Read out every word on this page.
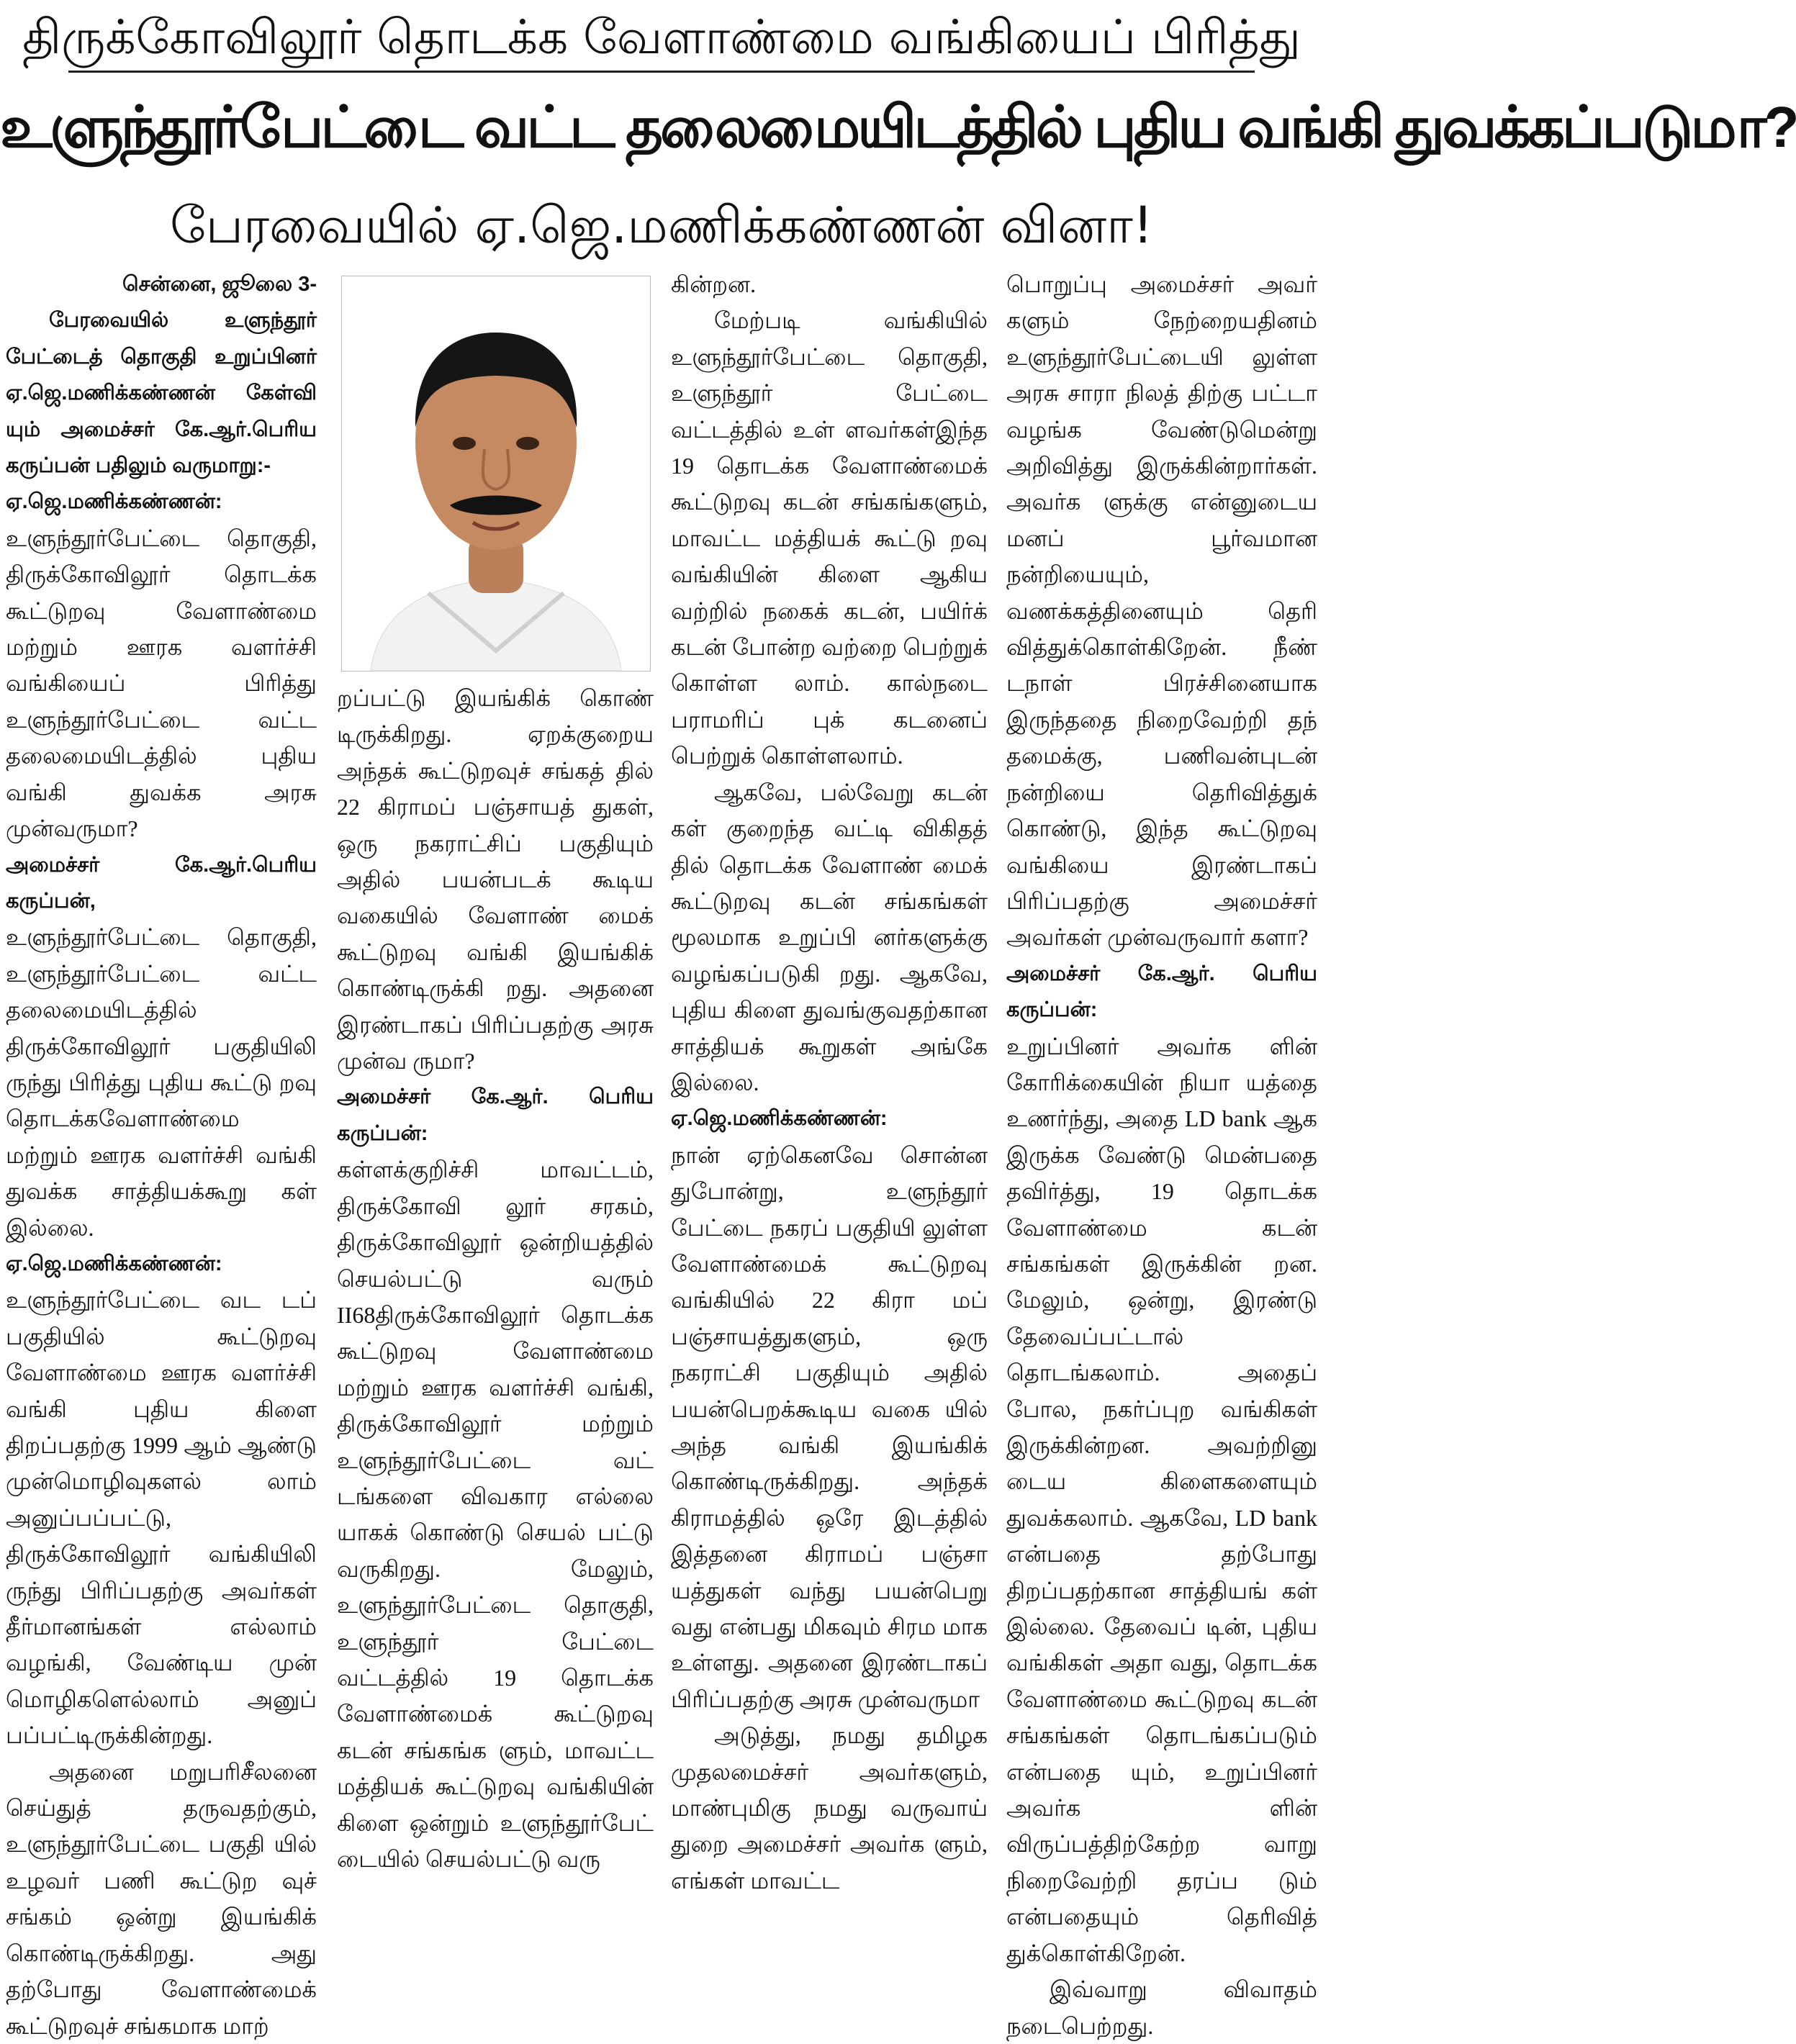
திருக்கோவிலூர் தொடக்க வேளாண்மை வங்கியைப் பிரித்து
உளுந்தூர்பேட்டை வட்ட தலைமையிடத்தில் புதிய வங்கி துவக்கப்படுமா?
பேரவையில் ஏ.ஜெ.மணிக்கண்ணன் வினா!

சென்னை, ஜூலை 3-

பேரவையில் உளுந்தூர் பேட்டைத் தொகுதி உறுப்பினர் ஏ.ஜெ.மணிக்கண்ணன் கேள்வி யும் அமைச்சர் கே.ஆர்.பெரிய கருப்பன் பதிலும் வருமாறு:-

ஏ.ஜெ.மணிக்கண்ணன்:

உளுந்தூர்பேட்டை தொகுதி, திருக்கோவிலூர் தொடக்க கூட்டுறவு வேளாண்மை மற்றும் ஊரக வளர்ச்சி வங்கியைப் பிரித்து உளுந்தூர்பேட்டை வட்ட தலைமையிடத்தில் புதிய வங்கி துவக்க அரசு முன்வருமா?

அமைச்சர் கே.ஆர்.பெரிய கருப்பன்,

உளுந்தூர்பேட்டை தொகுதி, உளுந்தூர்பேட்டை வட்ட தலைமையிடத்தில் திருக்கோவிலூர் பகுதியிலி ருந்து பிரித்து புதிய கூட்டு றவு தொடக்கவேளாண்மை மற்றும் ஊரக வளர்ச்சி வங்கி துவக்க சாத்தியக்கூறு கள் இல்லை.

ஏ.ஜெ.மணிக்கண்ணன்:

உளுந்தூர்பேட்டை வட டப் பகுதியில் கூட்டுறவு வேளாண்மை ஊரக வளர்ச்சி வங்கி புதிய கிளை திறப்பதற்கு 1999 ஆம் ஆண்டு முன்மொழிவுகளல் லாம் அனுப்பப்பட்டு, திருக்கோவிலூர் வங்கியிலி ருந்து பிரிப்பதற்கு அவர்கள் தீர்மானங்கள் எல்லாம் வழங்கி, வேண்டிய முன் மொழிகளெல்லாம் அனுப் பப்பட்டிருக்கின்றது.

அதனை மறுபரிசீலனை செய்துத் தருவதற்கும், உளுந்தூர்பேட்டை பகுதி யில் உழவர் பணி கூட்டுற வுச் சங்கம் ஒன்று இயங்கிக் கொண்டிருக்கிறது. அது தற்போது வேளாண்மைக் கூட்டுறவுச் சங்கமாக மாற்

றப்பட்டு இயங்கிக் கொண் டிருக்கிறது. ஏறக்குறைய அந்தக் கூட்டுறவுச் சங்கத் தில் 22 கிராமப் பஞ்சாயத் துகள், ஒரு நகராட்சிப் பகுதியும் அதில் பயன்படக் கூடிய வகையில் வேளாண் மைக் கூட்டுறவு வங்கி இயங்கிக் கொண்டிருக்கி றது. அதனை இரண்டாகப் பிரிப்பதற்கு அரசு முன்வ ருமா?

அமைச்சர் கே.ஆர். பெரிய கருப்பன்:

கள்ளக்குறிச்சி மாவட்டம், திருக்கோவி லூர் சரகம், திருக்கோவிலூர் ஒன்றியத்தில் செயல்பட்டு வரும் II68திருக்கோவிலூர் தொடக்க கூட்டுறவு வேளாண்மை மற்றும் ஊரக வளர்ச்சி வங்கி, திருக்கோவிலூர் மற்றும் உளுந்தூர்பேட்டை வட் டங்களை விவகார எல்லை யாகக் கொண்டு செயல் பட்டு வருகிறது. மேலும், உளுந்தூர்பேட்டை தொகுதி, உளுந்தூர் பேட்டை வட்டத்தில் 19 தொடக்க வேளாண்மைக் கூட்டுறவு கடன் சங்கங்க ளும், மாவட்ட மத்தியக் கூட்டுறவு வங்கியின் கிளை ஒன்றும் உளுந்தூர்பேட் டையில் செயல்பட்டு வரு

கின்றன.

மேற்படி வங்கியில் உளுந்தூர்பேட்டை தொகுதி, உளுந்தூர் பேட்டை வட்டத்தில் உள் ளவர்கள்இந்த 19 தொடக்க வேளாண்மைக் கூட்டுறவு கடன் சங்கங்களும், மாவட்ட மத்தியக் கூட்டு றவு வங்கியின் கிளை ஆகிய வற்றில் நகைக் கடன், பயிர்க் கடன் போன்ற வற்றை பெற்றுக் கொள்ள லாம். கால்நடை பராமரிப் புக் கடனைப் பெற்றுக் கொள்ளலாம்.

ஆகவே, பல்வேறு கடன் கள் குறைந்த வட்டி விகிதத் தில் தொடக்க வேளாண் மைக் கூட்டுறவு கடன் சங்கங்கள் மூலமாக உறுப்பி னர்களுக்கு வழங்கப்படுகி றது. ஆகவே, புதிய கிளை துவங்குவதற்கான சாத்தியக் கூறுகள் அங்கே இல்லை.

ஏ.ஜெ.மணிக்கண்ணன்:

நான் ஏற்கெனவே சொன்ன துபோன்று, உளுந்தூர் பேட்டை நகரப் பகுதியி லுள்ள வேளாண்மைக் கூட்டுறவு வங்கியில் 22 கிரா மப் பஞ்சாயத்துகளும், ஒரு நகராட்சி பகுதியும் அதில் பயன்பெறக்கூடிய வகை யில் அந்த வங்கி இயங்கிக் கொண்டிருக்கிறது. அந்தக் கிராமத்தில் ஒரே இடத்தில் இத்தனை கிராமப் பஞ்சா யத்துகள் வந்து பயன்பெறு வது என்பது மிகவும் சிரம மாக உள்ளது. அதனை இரண்டாகப் பிரிப்பதற்கு அரசு முன்வருமா

அடுத்து, நமது தமிழக முதலமைச்சர் அவர்களும், மாண்புமிகு நமது வருவாய் துறை அமைச்சர் அவர்க ளும், எங்கள் மாவட்ட

பொறுப்பு அமைச்சர் அவர் களும் நேற்றையதினம் உளுந்தூர்பேட்டையி லுள்ள அரசு சாரா நிலத் திற்கு பட்டா வழங்க வேண்டுமென்று அறிவித்து இருக்கின்றார்கள். அவர்க ளுக்கு என்னுடைய மனப் பூர்வமான நன்றியையும், வணக்கத்தினையும் தெரி வித்துக்கொள்கிறேன். நீண் டநாள் பிரச்சினையாக இருந்ததை நிறைவேற்றி தந் தமைக்கு, பணிவன்புடன் நன்றியை தெரிவித்துக் கொண்டு, இந்த கூட்டுறவு வங்கியை இரண்டாகப் பிரிப்பதற்கு அமைச்சர் அவர்கள் முன்வருவார் களா?

அமைச்சர் கே.ஆர். பெரிய கருப்பன்:

உறுப்பினர் அவர்க ளின் கோரிக்கையின் நியா யத்தை உணர்ந்து, அதை LD bank ஆக இருக்க வேண்டு மென்பதை தவிர்த்து, 19 தொடக்க வேளாண்மை கடன் சங்கங்கள் இருக்கின் றன. மேலும், ஒன்று, இரண்டு தேவைப்பட்டால் தொடங்கலாம். அதைப் போல, நகர்ப்புற வங்கிகள் இருக்கின்றன. அவற்றினு டைய கிளைகளையும் துவக்கலாம். ஆகவே, LD bank என்பதை தற்போது திறப்பதற்கான சாத்தியங் கள் இல்லை. தேவைப் டின், புதிய வங்கிகள் அதா வது, தொடக்க வேளாண்மை கூட்டுறவு கடன் சங்கங்கள் தொடங்கப்படும் என்பதை யும், உறுப்பினர் அவர்க ளின் விருப்பத்திற்கேற்ற வாறு நிறைவேற்றி தரப்ப டும் என்பதையும் தெரிவித் துக்கொள்கிறேன்.

இவ்வாறு விவாதம் நடைபெற்றது.
